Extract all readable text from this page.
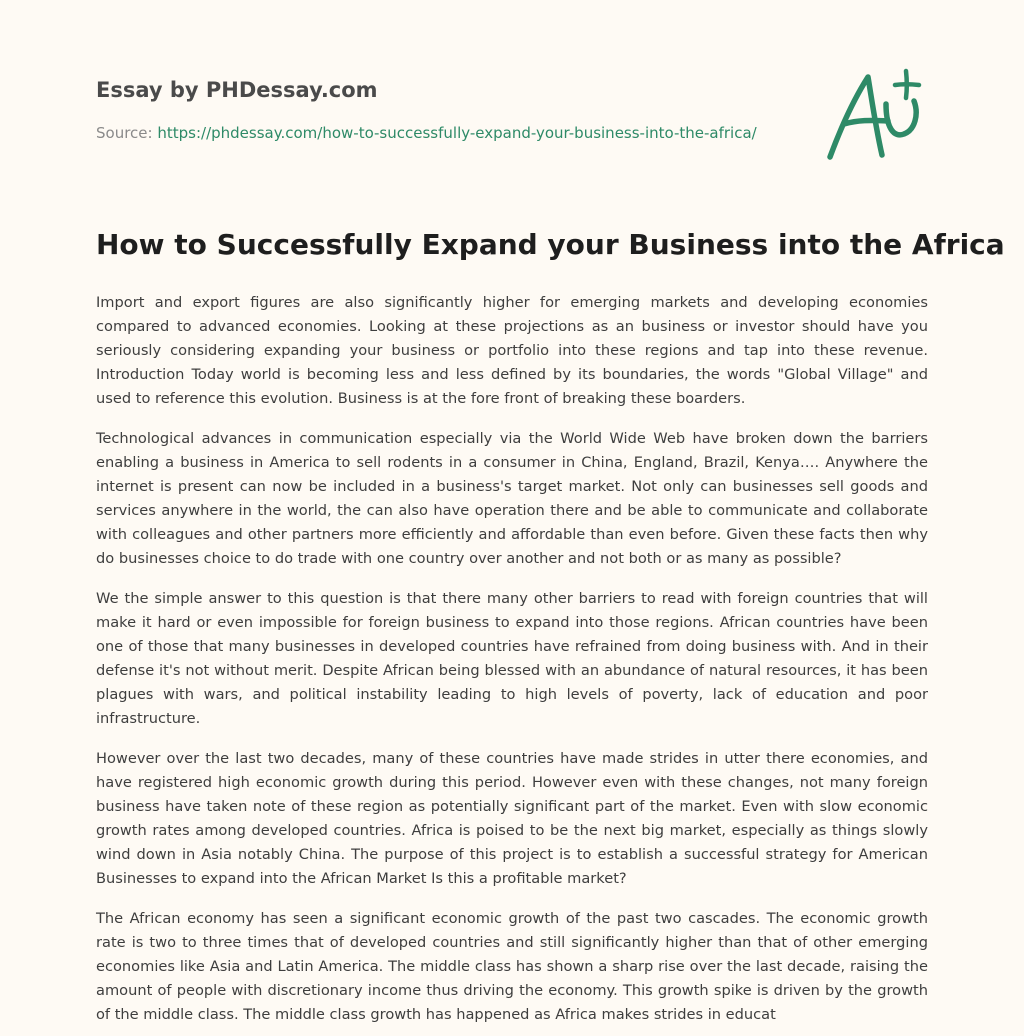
Essay by PHDessay.com
Source: https://phdessay.com/how-to-successfully-expand-your-business-into-the-africa/
How to Successfully Expand your Business into the Africa

Import and export figures are also significantly higher for emerging markets and developing economies compared to advanced economies. Looking at these projections as an business or investor should have you seriously considering expanding your business or portfolio into these regions and tap into these revenue. Introduction Today world is becoming less and less defined by its boundaries, the words "Global Village" and used to reference this evolution. Business is at the fore front of breaking these boarders.

Technological advances in communication especially via the World Wide Web have broken down the barriers enabling a business in America to sell rodents in a consumer in China, England, Brazil, Kenya…. Anywhere the internet is present can now be included in a business's target market. Not only can businesses sell goods and services anywhere in the world, the can also have operation there and be able to communicate and collaborate with colleagues and other partners more efficiently and affordable than even before. Given these facts then why do businesses choice to do trade with one country over another and not both or as many as possible?

We the simple answer to this question is that there many other barriers to read with foreign countries that will make it hard or even impossible for foreign business to expand into those regions. African countries have been one of those that many businesses in developed countries have refrained from doing business with. And in their defense it's not without merit. Despite African being blessed with an abundance of natural resources, it has been plagues with wars, and political instability leading to high levels of poverty, lack of education and poor infrastructure.

However over the last two decades, many of these countries have made strides in utter there economies, and have registered high economic growth during this period. However even with these changes, not many foreign business have taken note of these region as potentially significant part of the market. Even with slow economic growth rates among developed countries. Africa is poised to be the next big market, especially as things slowly wind down in Asia notably China. The purpose of this project is to establish a successful strategy for American Businesses to expand into the African Market Is this a profitable market?

The African economy has seen a significant economic growth of the past two cascades. The economic growth rate is two to three times that of developed countries and still significantly higher than that of other emerging economies like Asia and Latin America. The middle class has shown a sharp rise over the last decade, raising the amount of people with discretionary income thus driving the economy. This growth spike is driven by the growth of the middle class. The middle class growth has happened as Africa makes strides in educat
